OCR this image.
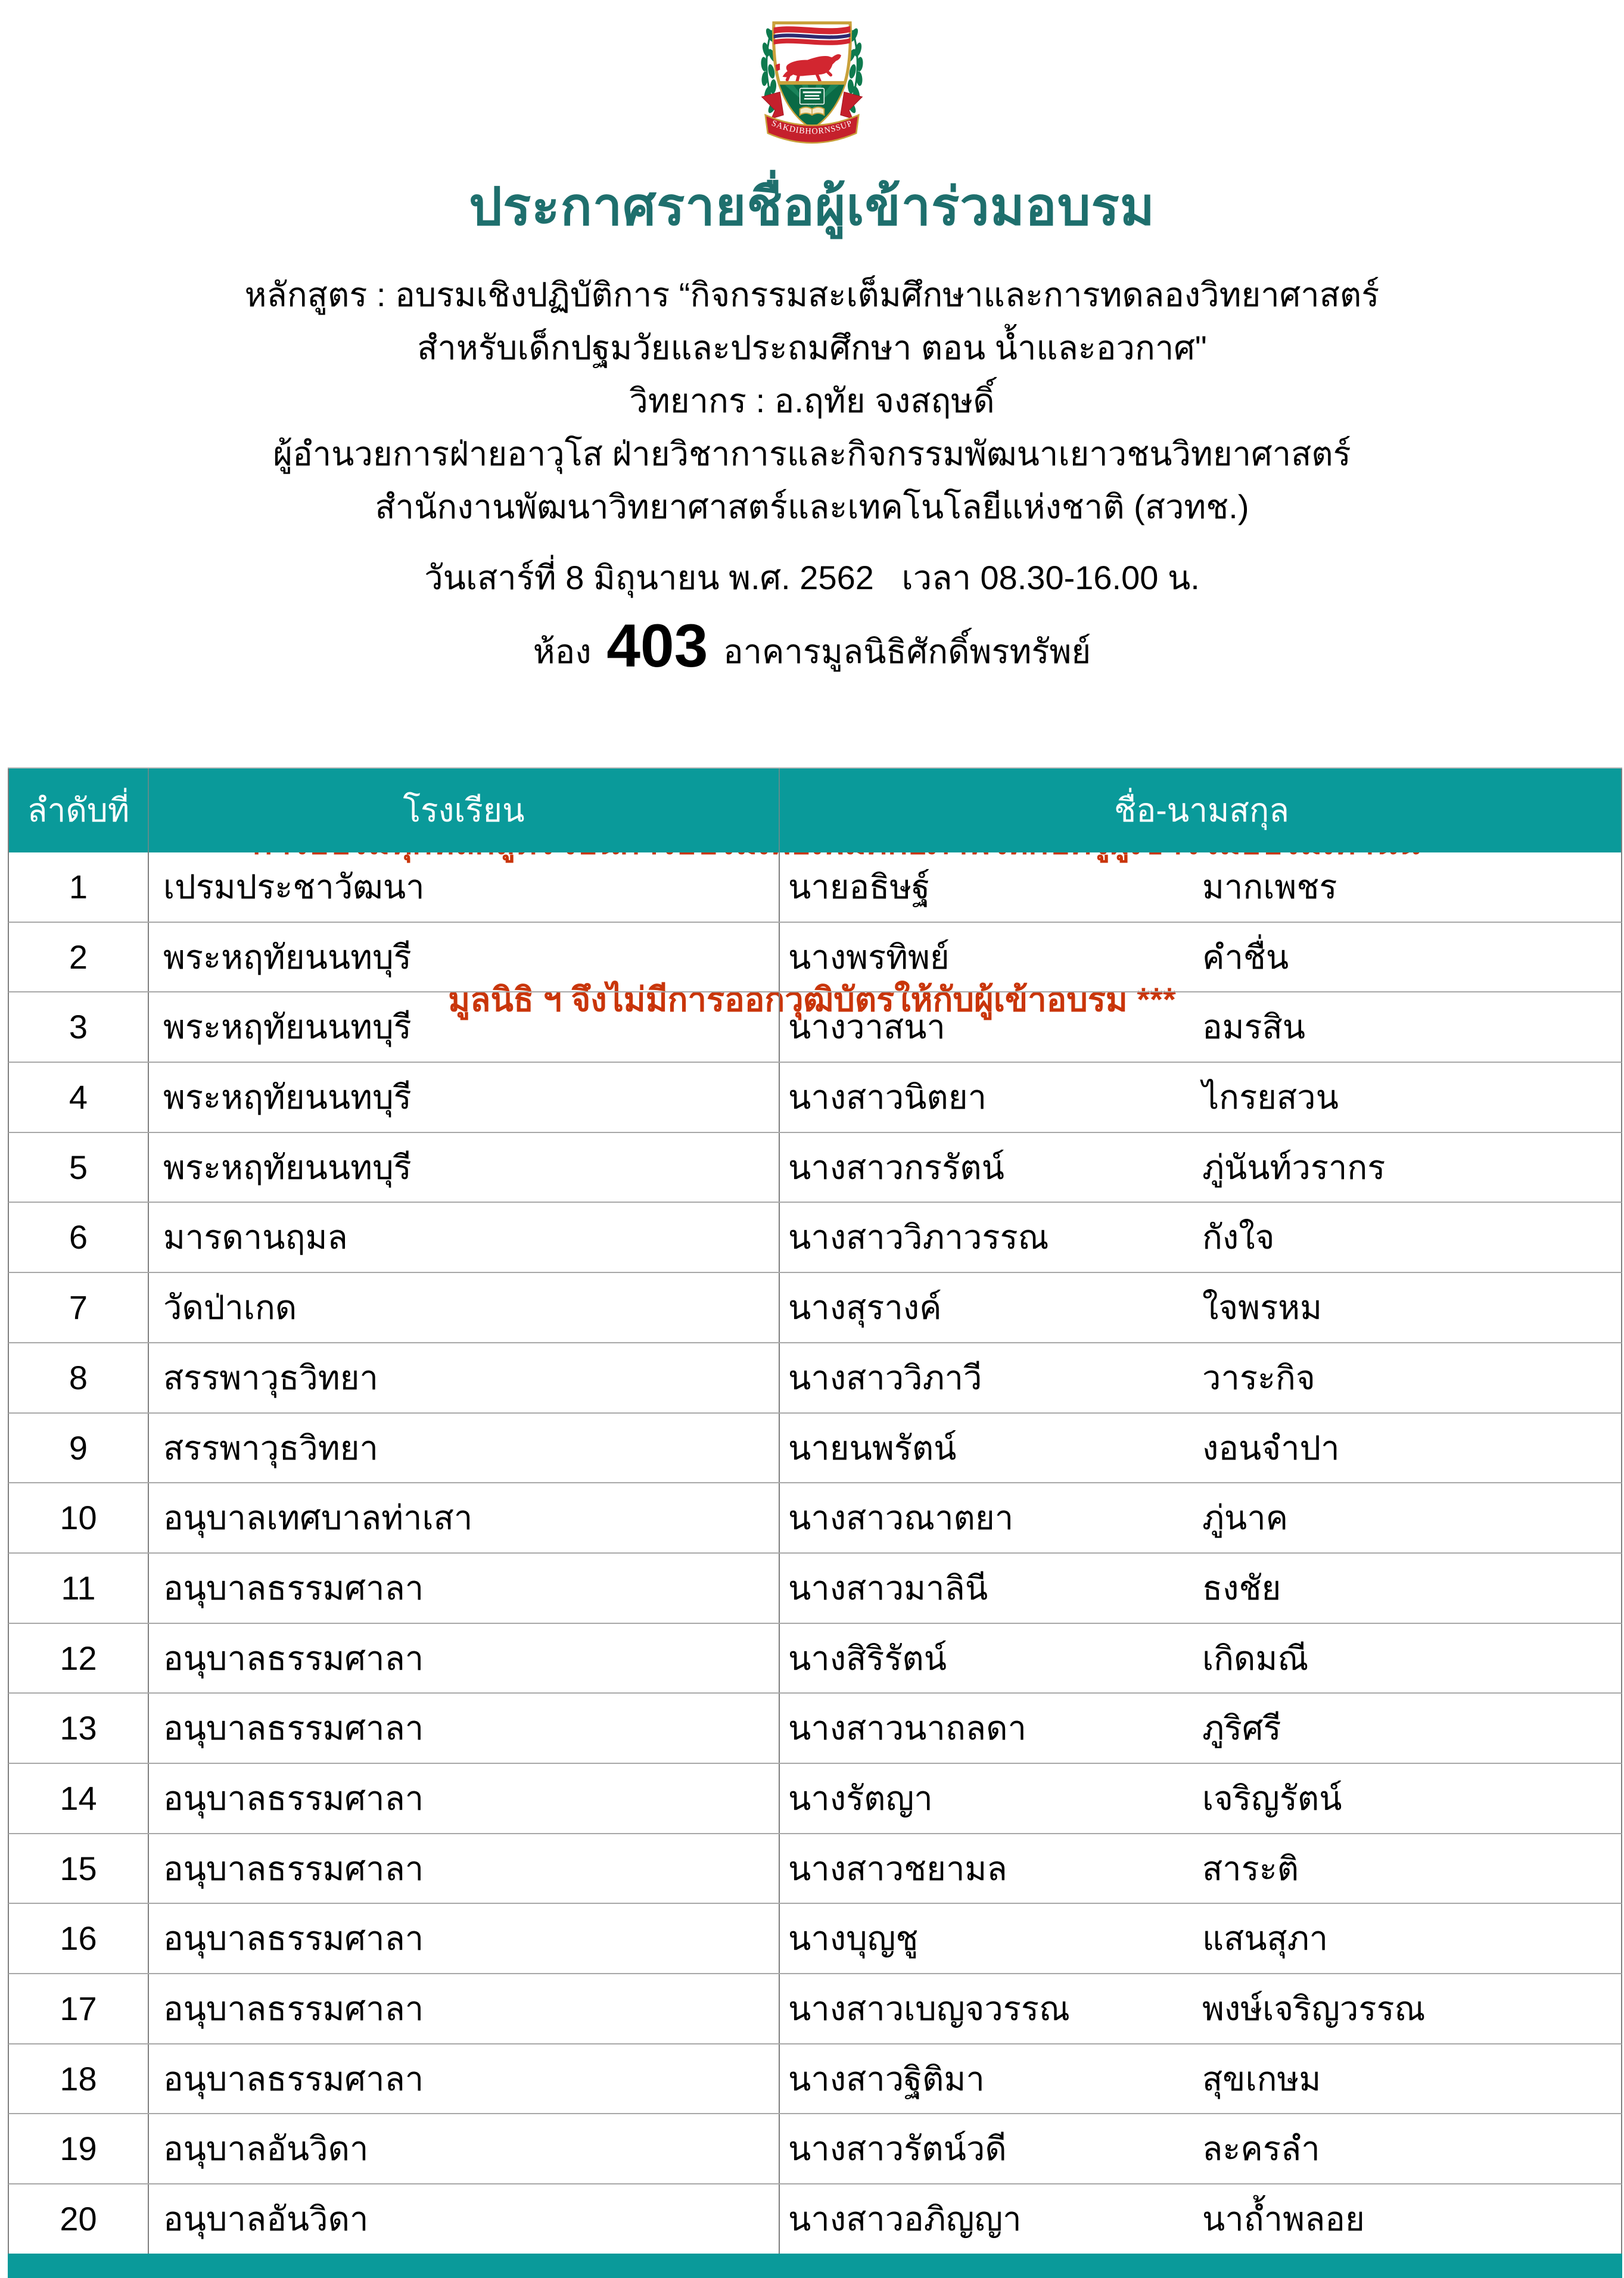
SAKDIBHORNSSUP
ประกาศรายชื่อผู้เข้าร่วมอบรม
หลักสูตร : อบรมเชิงปฏิบัติการ “กิจกรรมสะเต็มศึกษาและการทดลองวิทยาศาสตร์
สำหรับเด็กปฐมวัยและประถมศึกษา ตอน น้ำและอวกาศ"
วิทยากร : อ.ฤทัย จงสฤษดิ์
ผู้อำนวยการฝ่ายอาวุโส ฝ่ายวิชาการและกิจกรรมพัฒนาเยาวชนวิทยาศาสตร์
สำนักงานพัฒนาวิทยาศาสตร์และเทคโนโลยีแห่งชาติ (สวทช.)
วันเสาร์ที่ 8 มิถุนายน พ.ศ. 2562   เวลา 08.30-16.00 น.
ห้อง 403 อาคารมูลนิธิศักดิ์พรทรัพย์

มูลนิธิ ฯ จึงไม่มีการออกวุฒิบัตรให้กับผู้เข้าอบรม ***

ลำดับที่	โรงเรียน	ชื่อ-นามสกุล
1	เปรมประชาวัฒนา	นายอธิษฐ์	มากเพชร
2	พระหฤทัยนนทบุรี	นางพรทิพย์	คำชื่น
3	พระหฤทัยนนทบุรี	นางวาสนา	อมรสิน
4	พระหฤทัยนนทบุรี	นางสาวนิตยา	ไกรยสวน
5	พระหฤทัยนนทบุรี	นางสาวกรรัตน์	ภู่นันท์วรากร
6	มารดานฤมล	นางสาววิภาวรรณ	กังใจ
7	วัดป่าเกด	นางสุรางค์	ใจพรหม
8	สรรพาวุธวิทยา	นางสาววิภาวี	วาระกิจ
9	สรรพาวุธวิทยา	นายนพรัตน์	งอนจำปา
10	อนุบาลเทศบาลท่าเสา	นางสาวณาตยา	ภู่นาค
11	อนุบาลธรรมศาลา	นางสาวมาลินี	ธงชัย
12	อนุบาลธรรมศาลา	นางสิริรัตน์	เกิดมณี
13	อนุบาลธรรมศาลา	นางสาวนาถลดา	ภูริศรี
14	อนุบาลธรรมศาลา	นางรัตญา	เจริญรัตน์
15	อนุบาลธรรมศาลา	นางสาวชยามล	สาระติ
16	อนุบาลธรรมศาลา	นางบุญชู	แสนสุภา
17	อนุบาลธรรมศาลา	นางสาวเบญจวรรณ	พงษ์เจริญวรรณ
18	อนุบาลธรรมศาลา	นางสาวฐิติมา	สุขเกษม
19	อนุบาลอันวิดา	นางสาวรัตน์วดี	ละครลำ
20	อนุบาลอันวิดา	นางสาวอภิญญา	นาถ้ำพลอย
